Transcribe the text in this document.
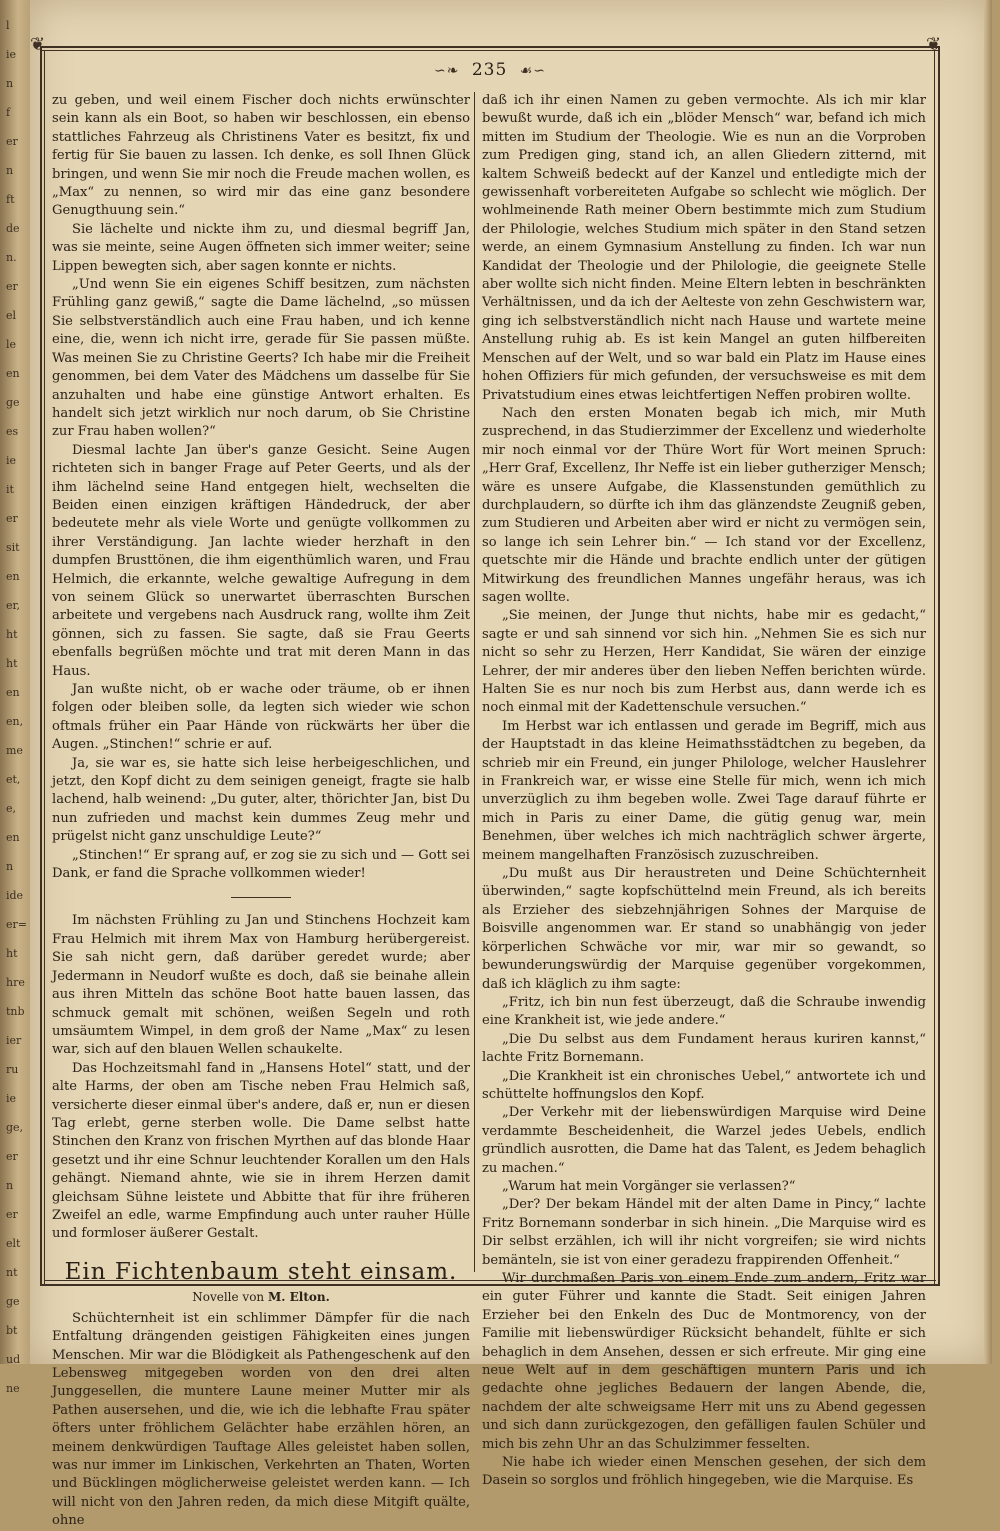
l
ie
n
f
er
n
ft
de
n.
er
el
le
en
ge
es
ie
it
er
sit
en
er,
ht
ht
en
en,
me
et,
e,
en
n
ide
er=
ht
hre
tnb
ier
ru
ie
ge,
er
n
er
elt
nt
ge
bt
ud
ne
❦	❦
∽❧ 235 ☙∽

zu geben, und weil einem Fischer doch nichts erwünschter sein kann als ein Boot, so haben wir beschlossen, ein ebenso stattliches Fahrzeug als Christinens Vater es besitzt, fix und fertig für Sie bauen zu lassen. Ich denke, es soll Ihnen Glück bringen, und wenn Sie mir noch die Freude machen wollen, es „Max“ zu nennen, so wird mir das eine ganz besondere Genugthuung sein.“

Sie lächelte und nickte ihm zu, und diesmal begriff Jan, was sie meinte, seine Augen öffneten sich immer weiter; seine Lippen bewegten sich, aber sagen konnte er nichts.

„Und wenn Sie ein eigenes Schiff besitzen, zum nächsten Frühling ganz gewiß,“ sagte die Dame lächelnd, „so müssen Sie selbstverständlich auch eine Frau haben, und ich kenne eine, die, wenn ich nicht irre, gerade für Sie passen müßte. Was meinen Sie zu Christine Geerts? Ich habe mir die Freiheit genommen, bei dem Vater des Mädchens um dasselbe für Sie anzuhalten und habe eine günstige Antwort erhalten. Es handelt sich jetzt wirklich nur noch darum, ob Sie Christine zur Frau haben wollen?“

Diesmal lachte Jan über's ganze Gesicht. Seine Augen richteten sich in banger Frage auf Peter Geerts, und als der ihm lächelnd seine Hand entgegen hielt, wechselten die Beiden einen einzigen kräftigen Händedruck, der aber bedeutete mehr als viele Worte und genügte vollkommen zu ihrer Verständigung. Jan lachte wieder herzhaft in den dumpfen Brusttönen, die ihm eigenthümlich waren, und Frau Helmich, die erkannte, welche gewaltige Aufregung in dem von seinem Glück so unerwartet überraschten Burschen arbeitete und vergebens nach Ausdruck rang, wollte ihm Zeit gönnen, sich zu fassen. Sie sagte, daß sie Frau Geerts ebenfalls begrüßen möchte und trat mit deren Mann in das Haus.

Jan wußte nicht, ob er wache oder träume, ob er ihnen folgen oder bleiben solle, da legten sich wieder wie schon oftmals früher ein Paar Hände von rückwärts her über die Augen. „Stinchen!“ schrie er auf.

Ja, sie war es, sie hatte sich leise herbeigeschlichen, und jetzt, den Kopf dicht zu dem seinigen geneigt, fragte sie halb lachend, halb weinend: „Du guter, alter, thörichter Jan, bist Du nun zufrieden und machst kein dummes Zeug mehr und prügelst nicht ganz unschuldige Leute?“

„Stinchen!“ Er sprang auf, er zog sie zu sich und — Gott sei Dank, er fand die Sprache vollkommen wieder!

Im nächsten Frühling zu Jan und Stinchens Hochzeit kam Frau Helmich mit ihrem Max von Hamburg herübergereist. Sie sah nicht gern, daß darüber geredet wurde; aber Jedermann in Neudorf wußte es doch, daß sie beinahe allein aus ihren Mitteln das schöne Boot hatte bauen lassen, das schmuck gemalt mit schönen, weißen Segeln und roth umsäumtem Wimpel, in dem groß der Name „Max“ zu lesen war, sich auf den blauen Wellen schaukelte.

Das Hochzeitsmahl fand in „Hansens Hotel“ statt, und der alte Harms, der oben am Tische neben Frau Helmich saß, versicherte dieser einmal über's andere, daß er, nun er diesen Tag erlebt, gerne sterben wolle. Die Dame selbst hatte Stinchen den Kranz von frischen Myrthen auf das blonde Haar gesetzt und ihr eine Schnur leuchtender Korallen um den Hals gehängt. Niemand ahnte, wie sie in ihrem Herzen damit gleichsam Sühne leistete und Abbitte that für ihre früheren Zweifel an edle, warme Empfindung auch unter rauher Hülle und formloser äußerer Gestalt.

Ein Fichtenbaum steht einsam.
Novelle von M. Elton.

Schüchternheit ist ein schlimmer Dämpfer für die nach Entfaltung drängenden geistigen Fähigkeiten eines jungen Menschen. Mir war die Blödigkeit als Pathengeschenk auf den Lebensweg mitgegeben worden von den drei alten Junggesellen, die muntere Laune meiner Mutter mir als Pathen ausersehen, und die, wie ich die lebhafte Frau später öfters unter fröhlichem Gelächter habe erzählen hören, an meinem denkwürdigen Tauftage Alles geleistet haben sollen, was nur immer im Linkischen, Verkehrten an Thaten, Worten und Bücklingen möglicherweise geleistet werden kann. — Ich will nicht von den Jahren reden, da mich diese Mitgift quälte, ohne

daß ich ihr einen Namen zu geben vermochte. Als ich mir klar bewußt wurde, daß ich ein „blöder Mensch“ war, befand ich mich mitten im Studium der Theologie. Wie es nun an die Vorproben zum Predigen ging, stand ich, an allen Gliedern zitternd, mit kaltem Schweiß bedeckt auf der Kanzel und entledigte mich der gewissenhaft vorbereiteten Aufgabe so schlecht wie möglich. Der wohlmeinende Rath meiner Obern bestimmte mich zum Studium der Philologie, welches Studium mich später in den Stand setzen werde, an einem Gymnasium Anstellung zu finden. Ich war nun Kandidat der Theologie und der Philologie, die geeignete Stelle aber wollte sich nicht finden. Meine Eltern lebten in beschränkten Verhältnissen, und da ich der Aelteste von zehn Geschwistern war, ging ich selbstverständlich nicht nach Hause und wartete meine Anstellung ruhig ab. Es ist kein Mangel an guten hilfbereiten Menschen auf der Welt, und so war bald ein Platz im Hause eines hohen Offiziers für mich gefunden, der versuchsweise es mit dem Privatstudium eines etwas leichtfertigen Neffen probiren wollte.

Nach den ersten Monaten begab ich mich, mir Muth zusprechend, in das Studierzimmer der Excellenz und wiederholte mir noch einmal vor der Thüre Wort für Wort meinen Spruch: „Herr Graf, Excellenz, Ihr Neffe ist ein lieber gutherziger Mensch; wäre es unsere Aufgabe, die Klassenstunden gemüthlich zu durchplaudern, so dürfte ich ihm das glänzendste Zeugniß geben, zum Studieren und Arbeiten aber wird er nicht zu vermögen sein, so lange ich sein Lehrer bin.“ — Ich stand vor der Excellenz, quetschte mir die Hände und brachte endlich unter der gütigen Mitwirkung des freundlichen Mannes ungefähr heraus, was ich sagen wollte.

„Sie meinen, der Junge thut nichts, habe mir es gedacht,“ sagte er und sah sinnend vor sich hin. „Nehmen Sie es sich nur nicht so sehr zu Herzen, Herr Kandidat, Sie wären der einzige Lehrer, der mir anderes über den lieben Neffen berichten würde. Halten Sie es nur noch bis zum Herbst aus, dann werde ich es noch einmal mit der Kadettenschule versuchen.“

Im Herbst war ich entlassen und gerade im Begriff, mich aus der Hauptstadt in das kleine Heimathsstädtchen zu begeben, da schrieb mir ein Freund, ein junger Philologe, welcher Hauslehrer in Frankreich war, er wisse eine Stelle für mich, wenn ich mich unverzüglich zu ihm begeben wolle. Zwei Tage darauf führte er mich in Paris zu einer Dame, die gütig genug war, mein Benehmen, über welches ich mich nachträglich schwer ärgerte, meinem mangelhaften Französisch zuzuschreiben.

„Du mußt aus Dir heraustreten und Deine Schüchternheit überwinden,“ sagte kopfschüttelnd mein Freund, als ich bereits als Erzieher des siebzehnjährigen Sohnes der Marquise de Boisville angenommen war. Er stand so unabhängig von jeder körperlichen Schwäche vor mir, war mir so gewandt, so bewunderungswürdig der Marquise gegenüber vorgekommen, daß ich kläglich zu ihm sagte:

„Fritz, ich bin nun fest überzeugt, daß die Schraube inwendig eine Krankheit ist, wie jede andere.“

„Die Du selbst aus dem Fundament heraus kuriren kannst,“ lachte Fritz Bornemann.

„Die Krankheit ist ein chronisches Uebel,“ antwortete ich und schüttelte hoffnungslos den Kopf.

„Der Verkehr mit der liebenswürdigen Marquise wird Deine verdammte Bescheidenheit, die Warzel jedes Uebels, endlich gründlich ausrotten, die Dame hat das Talent, es Jedem behaglich zu machen.“

„Warum hat mein Vorgänger sie verlassen?“

„Der? Der bekam Händel mit der alten Dame in Pincy,“ lachte Fritz Bornemann sonderbar in sich hinein. „Die Marquise wird es Dir selbst erzählen, ich will ihr nicht vorgreifen; sie wird nichts bemänteln, sie ist von einer geradezu frappirenden Offenheit.“

Wir durchmaßen Paris von einem Ende zum andern, Fritz war ein guter Führer und kannte die Stadt. Seit einigen Jahren Erzieher bei den Enkeln des Duc de Montmorency, von der Familie mit liebenswürdiger Rücksicht behandelt, fühlte er sich behaglich in dem Ansehen, dessen er sich erfreute. Mir ging eine neue Welt auf in dem geschäftigen muntern Paris und ich gedachte ohne jegliches Bedauern der langen Abende, die, nachdem der alte schweigsame Herr mit uns zu Abend gegessen und sich dann zurückgezogen, den gefälligen faulen Schüler und mich bis zehn Uhr an das Schulzimmer fesselten.

Nie habe ich wieder einen Menschen gesehen, der sich dem Dasein so sorglos und fröhlich hingegeben, wie die Marquise. Es
